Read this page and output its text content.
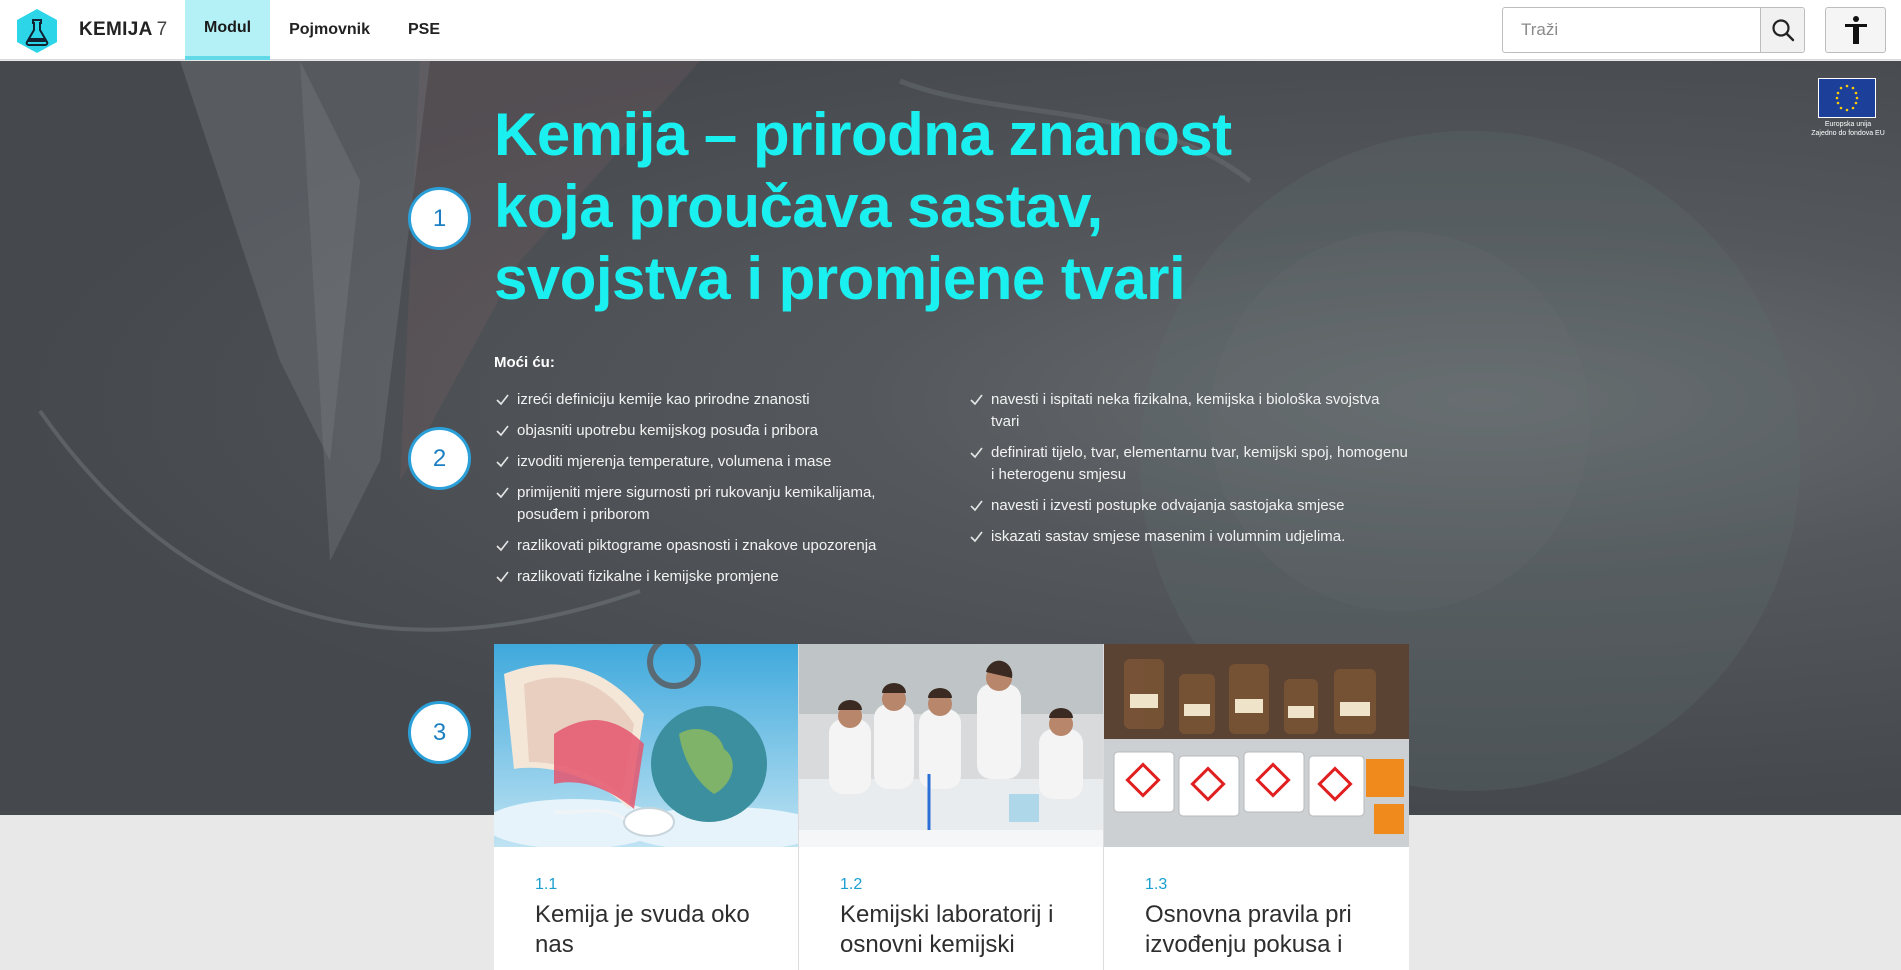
KEMIJA 7	Modul	Pojmovnik	PSE
Traži
Europska unija
Zajedno do fondova EU
Kemija – prirodna znanost koja proučava sastav, svojstva i promjene tvari
1
2
3
Moći ću:
izreći definiciju kemije kao prirodne znanosti
objasniti upotrebu kemijskog posuđa i pribora
izvoditi mjerenja temperature, volumena i mase
primijeniti mjere sigurnosti pri rukovanju kemikalijama, posuđem i priborom
razlikovati piktograme opasnosti i znakove upozorenja
razlikovati fizikalne i kemijske promjene
navesti i ispitati neka fizikalna, kemijska i biološka svojstva tvari
definirati tijelo, tvar, elementarnu tvar, kemijski spoj, homogenu i heterogenu smjesu
navesti i izvesti postupke odvajanja sastojaka smjese
iskazati sastav smjese masenim i volumnim udjelima.
1.1
Kemija je svuda oko nas
1.2
Kemijski laboratorij i osnovni kemijski
1.3
Osnovna pravila pri izvođenju pokusa i
